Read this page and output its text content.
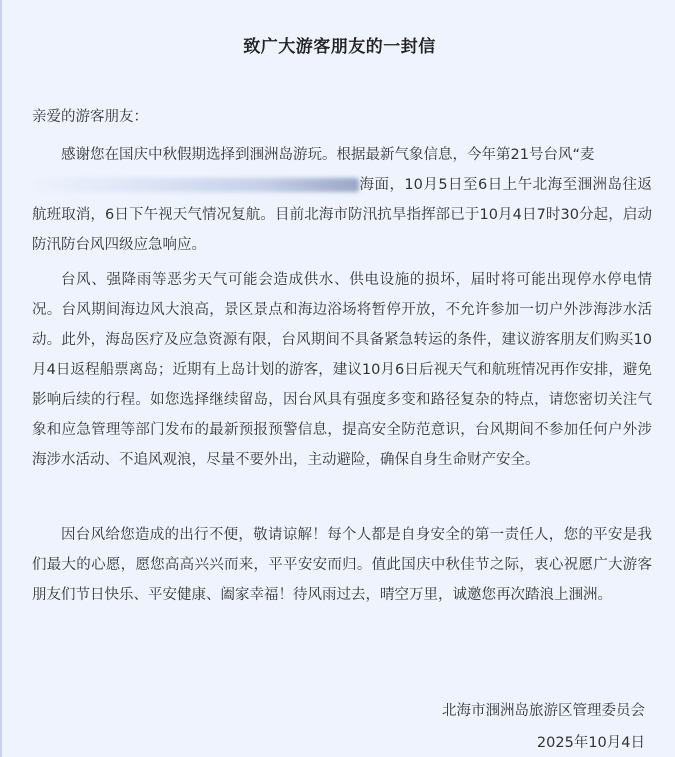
致广大游客朋友的一封信
亲爱的游客朋友：

感谢您在国庆中秋假期选择到涠洲岛游玩。根据最新气象信息，今年第21号台风“麦
海面，10月5日至6日上午北海至涠洲岛往返航班取消，6日下午视天气情况复航。目前北海市防汛抗旱指挥部已于10月4日7时30分起，启动防汛防台风四级应急响应。

台风、强降雨等恶劣天气可能会造成供水、供电设施的损坏，届时将可能出现停水停电情况。台风期间海边风大浪高，景区景点和海边浴场将暂停开放，不允许参加一切户外涉海涉水活动。此外，海岛医疗及应急资源有限，台风期间不具备紧急转运的条件，建议游客朋友们购买10月4日返程船票离岛；近期有上岛计划的游客，建议10月6日后视天气和航班情况再作安排，避免影响后续的行程。如您选择继续留岛，因台风具有强度多变和路径复杂的特点，请您密切关注气象和应急管理等部门发布的最新预报预警信息，提高安全防范意识，台风期间不参加任何户外涉海涉水活动、不追风观浪，尽量不要外出，主动避险，确保自身生命财产安全。

因台风给您造成的出行不便，敬请谅解！每个人都是自身安全的第一责任人，您的平安是我们最大的心愿，愿您高高兴兴而来，平平安安而归。值此国庆中秋佳节之际，衷心祝愿广大游客朋友们节日快乐、平安健康、阖家幸福！待风雨过去，晴空万里，诚邀您再次踏浪上涠洲。

北海市涠洲岛旅游区管理委员会
2025年10月4日
